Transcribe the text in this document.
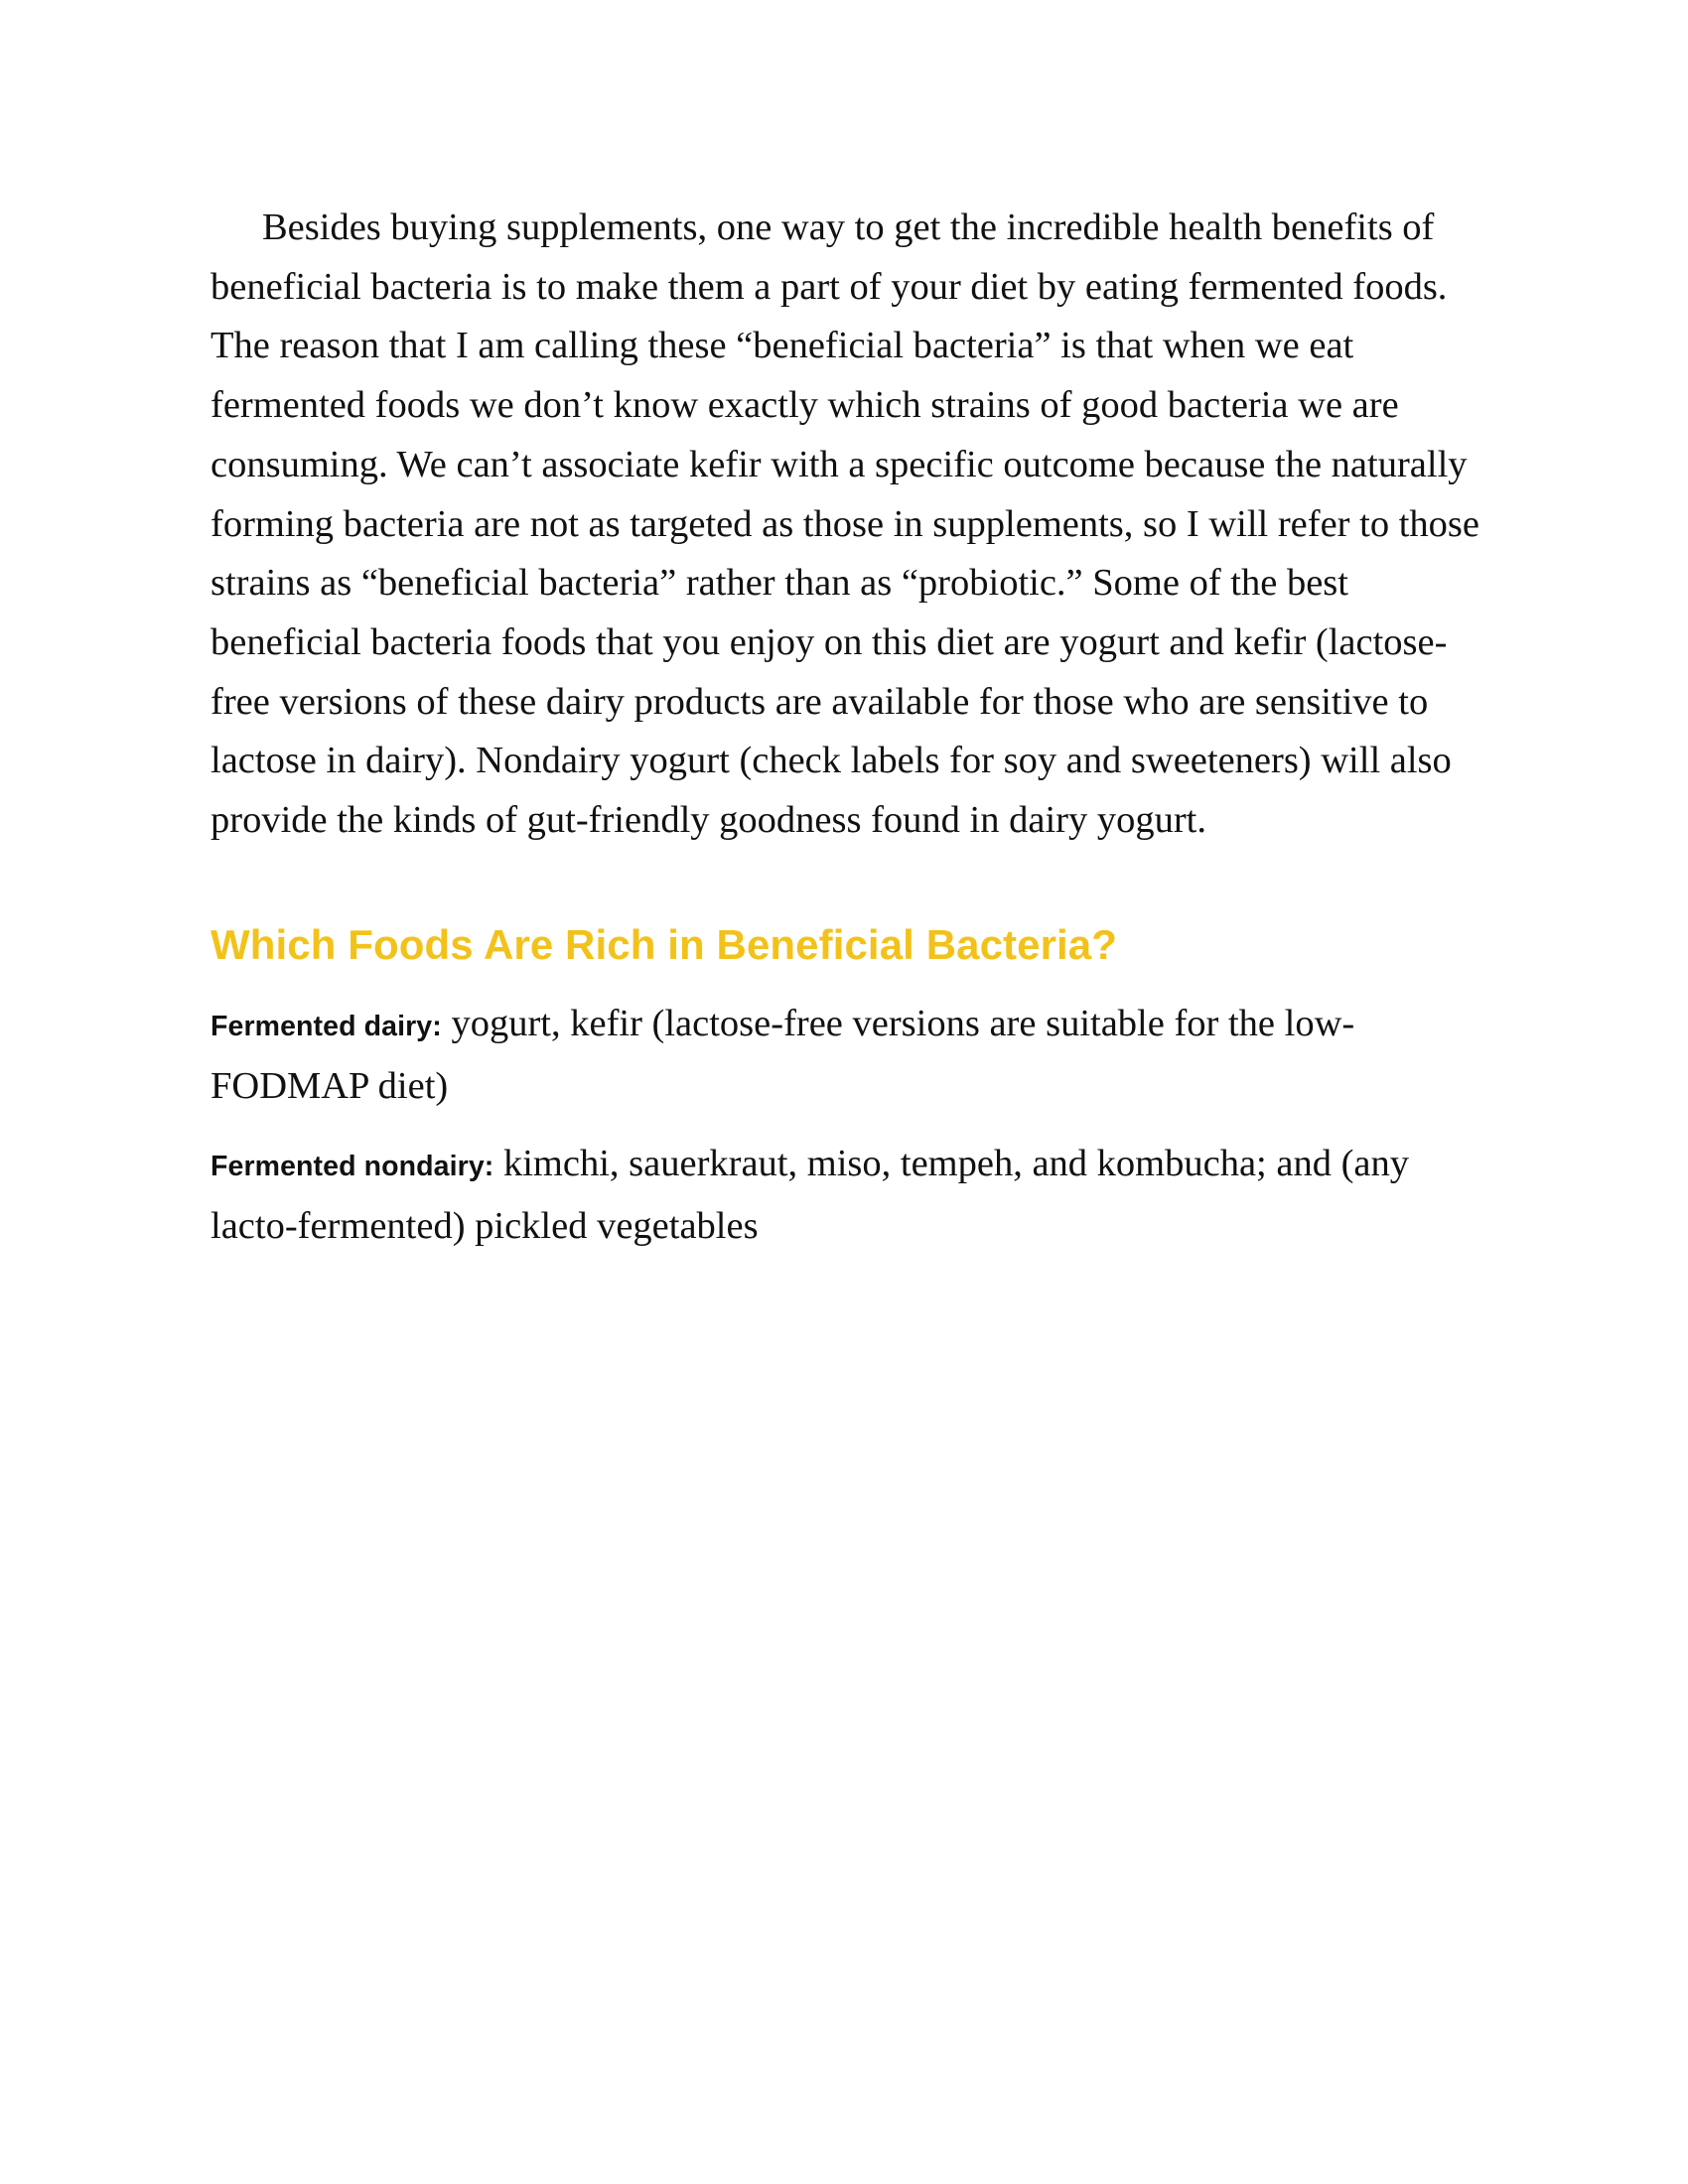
Besides buying supplements, one way to get the incredible health benefits of beneficial bacteria is to make them a part of your diet by eating fermented foods. The reason that I am calling these “beneficial bacteria” is that when we eat fermented foods we don’t know exactly which strains of good bacteria we are consuming. We can’t associate kefir with a specific outcome because the naturally forming bacteria are not as targeted as those in supplements, so I will refer to those strains as “beneficial bacteria” rather than as “probiotic.” Some of the best beneficial bacteria foods that you enjoy on this diet are yogurt and kefir (lactose-free versions of these dairy products are available for those who are sensitive to lactose in dairy). Nondairy yogurt (check labels for soy and sweeteners) will also provide the kinds of gut-friendly goodness found in dairy yogurt.

Which Foods Are Rich in Beneficial Bacteria?

Fermented dairy: yogurt, kefir (lactose-free versions are suitable for the low-FODMAP diet)

Fermented nondairy: kimchi, sauerkraut, miso, tempeh, and kombucha; and (any lacto-fermented) pickled vegetables
